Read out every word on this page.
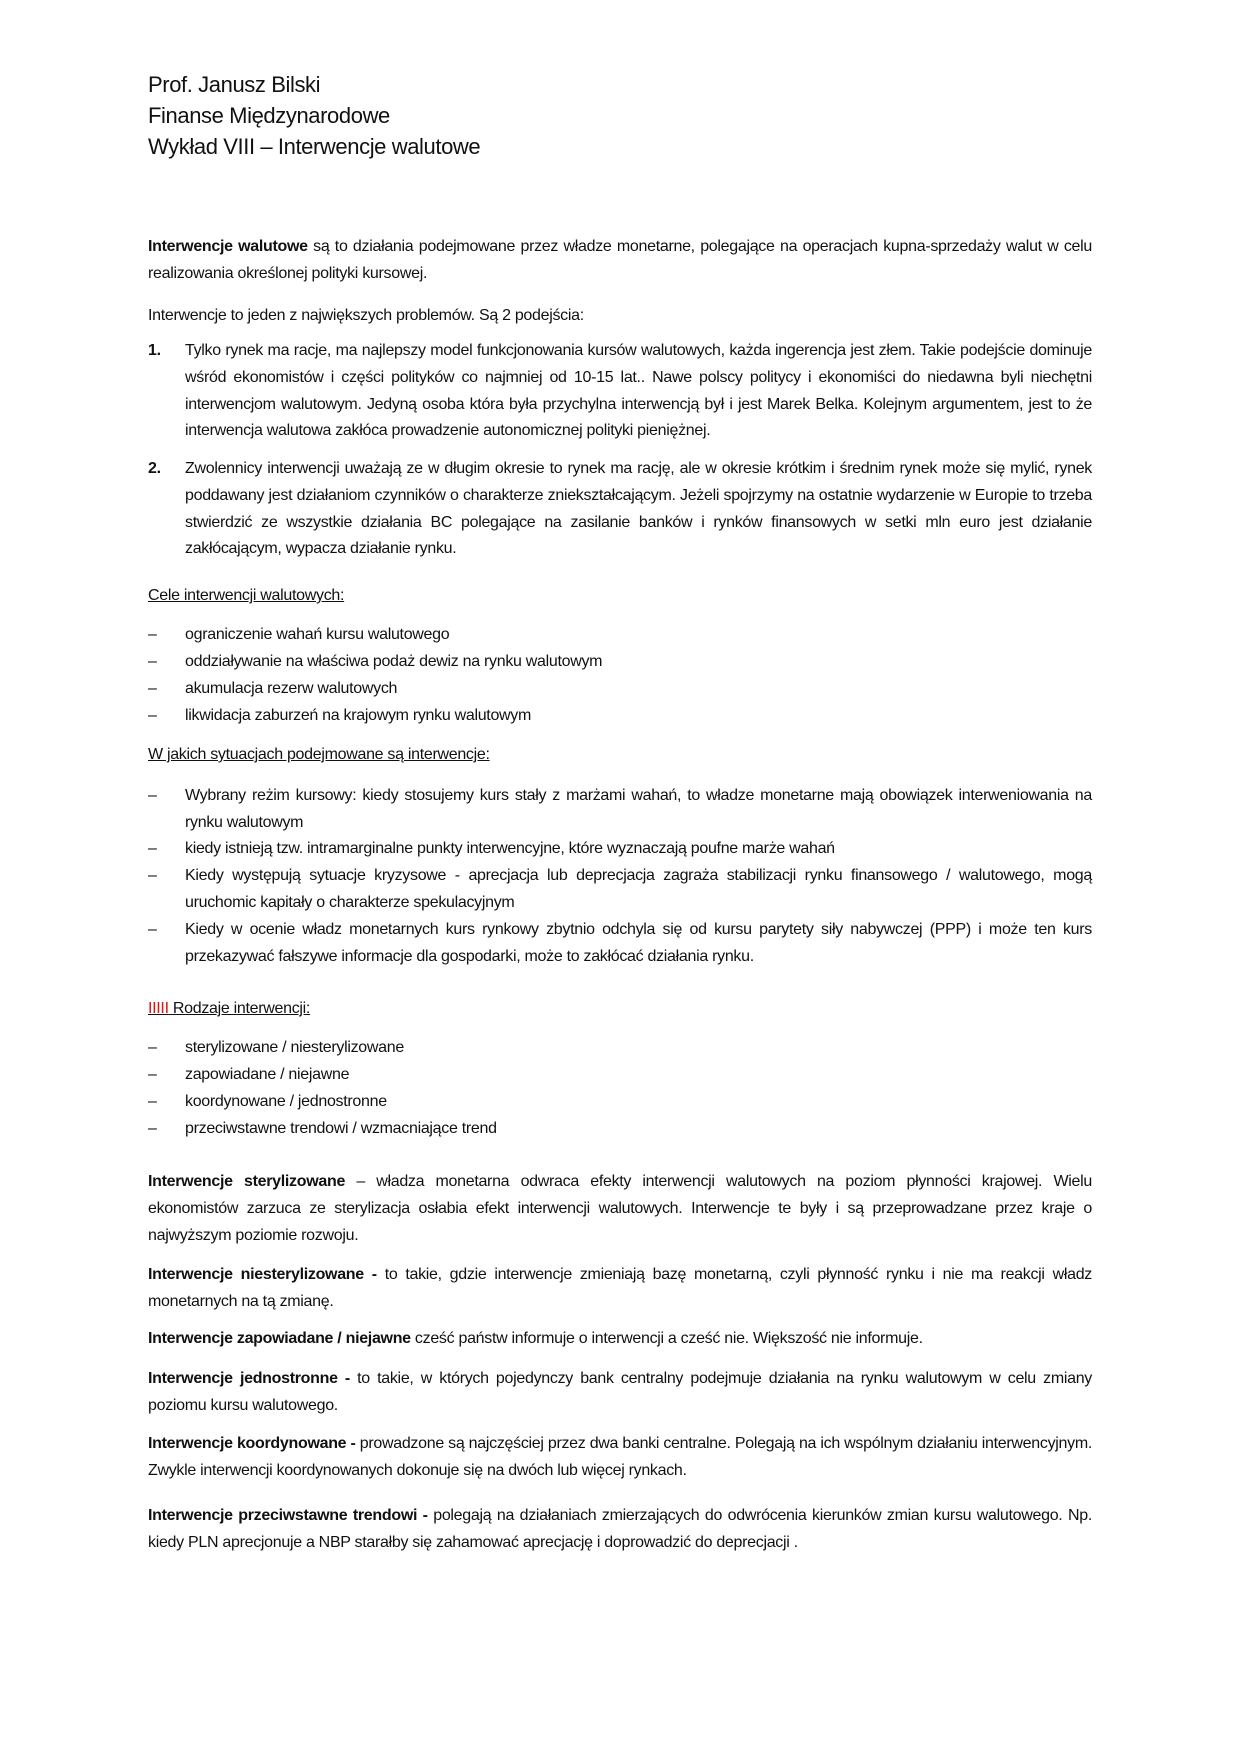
Prof. Janusz Bilski
Finanse Międzynarodowe
Wykład VIII – Interwencje walutowe
Interwencje walutowe są to działania podejmowane przez władze monetarne, polegające na operacjach kupna-sprzedaży walut w celu realizowania określonej polityki kursowej.
Interwencje to jeden z największych problemów. Są 2 podejścia:
1. Tylko rynek ma racje, ma najlepszy model funkcjonowania kursów walutowych, każda ingerencja jest złem. Takie podejście dominuje wśród ekonomistów i części polityków co najmniej od 10-15 lat.. Nawe polscy politycy i ekonomiści do niedawna byli niechętni interwencjom walutowym. Jedyną osoba która była przychylna interwencją był i jest Marek Belka. Kolejnym argumentem, jest to że interwencja walutowa zakłóca prowadzenie autonomicznej polityki pieniężnej.
2. Zwolennicy interwencji uważają ze w długim okresie to rynek ma rację, ale w okresie krótkim i średnim rynek może się mylić, rynek poddawany jest działaniom czynników o charakterze zniekształcającym. Jeżeli spojrzymy na ostatnie wydarzenie w Europie to trzeba stwierdzić ze wszystkie działania BC polegające na zasilanie banków i rynków finansowych w setki mln euro jest działanie zakłócającym, wypacza działanie rynku.
Cele interwencji walutowych:
– ograniczenie wahań kursu walutowego
– oddziaływanie na właściwa podaż dewiz na rynku walutowym
– akumulacja rezerw walutowych
– likwidacja zaburzeń na krajowym rynku walutowym
W jakich sytuacjach podejmowane są interwencje:
– Wybrany reżim kursowy: kiedy stosujemy kurs stały z marżami wahań, to władze monetarne mają obowiązek interweniowania na rynku walutowym
– kiedy istnieją tzw. intramarginalne punkty interwencyjne, które wyznaczają poufne marże wahań
– Kiedy występują sytuacje kryzysowe - aprecjacja lub deprecjacja zagraża stabilizacji rynku finansowego / walutowego, mogą uruchomic kapitały o charakterze spekulacyjnym
– Kiedy w ocenie władz monetarnych kurs rynkowy zbytnio odchyla się od kursu parytety siły nabywczej (PPP) i może ten kurs przekazywać fałszywe informacje dla gospodarki, może to zakłócać działania rynku.
IIIII Rodzaje interwencji:
– sterylizowane / niesterylizowane
– zapowiadane / niejawne
– koordynowane / jednostronne
– przeciwstawne trendowi / wzmacniające trend
Interwencje sterylizowane – władza monetarna odwraca efekty interwencji walutowych na poziom płynności krajowej. Wielu ekonomistów zarzuca ze sterylizacja osłabia efekt interwencji walutowych. Interwencje te były i są przeprowadzane przez kraje o najwyższym poziomie rozwoju.
Interwencje niesterylizowane - to takie, gdzie interwencje zmieniają bazę monetarną, czyli płynność rynku i nie ma reakcji władz monetarnych na tą zmianę.
Interwencje zapowiadane / niejawne cześć państw informuje o interwencji a cześć nie. Większość nie informuje.
Interwencje jednostronne - to takie, w których pojedynczy bank centralny podejmuje działania na rynku walutowym w celu zmiany poziomu kursu walutowego.
Interwencje koordynowane - prowadzone są najczęściej przez dwa banki centralne. Polegają na ich wspólnym działaniu interwencyjnym. Zwykle interwencji koordynowanych dokonuje się na dwóch lub więcej rynkach.
Interwencje przeciwstawne trendowi - polegają na działaniach zmierzających do odwrócenia kierunków zmian kursu walutowego. Np. kiedy PLN aprecjonuje a NBP starałby się zahamować aprecjację i doprowadzić do deprecjacji .
